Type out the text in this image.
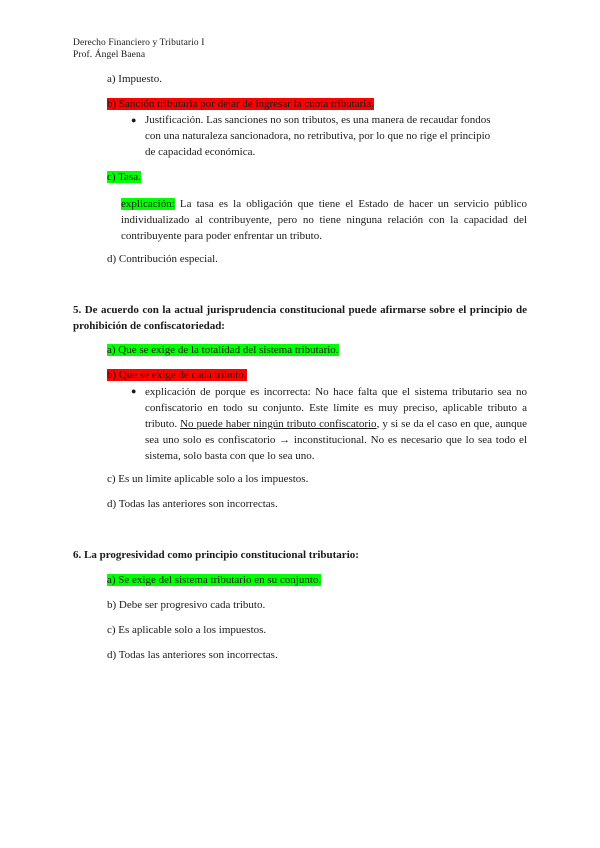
Derecho Financiero y Tributario I
Prof. Ángel Baena
a) Impuesto.
b) Sanción tributaria por dejar de ingresar la cuota tributaria.
● Justificación. Las sanciones no son tributos, es una manera de recaudar fondos
con una naturaleza sancionadora, no retributiva, por lo que no rige el principio
de capacidad económica.
c) Tasa.
explicación: La tasa es la obligación que tiene el Estado de hacer un servicio público individualizado al contribuyente, pero no tiene ninguna relación con la capacidad del contribuyente para poder enfrentar un tributo.
d) Contribución especial.
5. De acuerdo con la actual jurisprudencia constitucional puede afirmarse sobre el principio de prohibición de confiscatoriedad:
a) Que se exige de la totalidad del sistema tributario.
b) Que se exige de cada tributo.
● explicación de porque es incorrecta: No hace falta que el sistema tributario sea no confiscatorio en todo su conjunto. Este límite es muy preciso, aplicable tributo a tributo. No puede haber ningún tributo confiscatorio, y si se da el caso en que, aunque sea uno solo es confiscatorio → inconstitucional. No es necesario que lo sea todo el sistema, solo basta con que lo sea uno.
c) Es un límite aplicable solo a los impuestos.
d) Todas las anteriores son incorrectas.
6. La progresividad como principio constitucional tributario:
a) Se exige del sistema tributario en su conjunto.
b) Debe ser progresivo cada tributo.
c) Es aplicable solo a los impuestos.
d) Todas las anteriores son incorrectas.
